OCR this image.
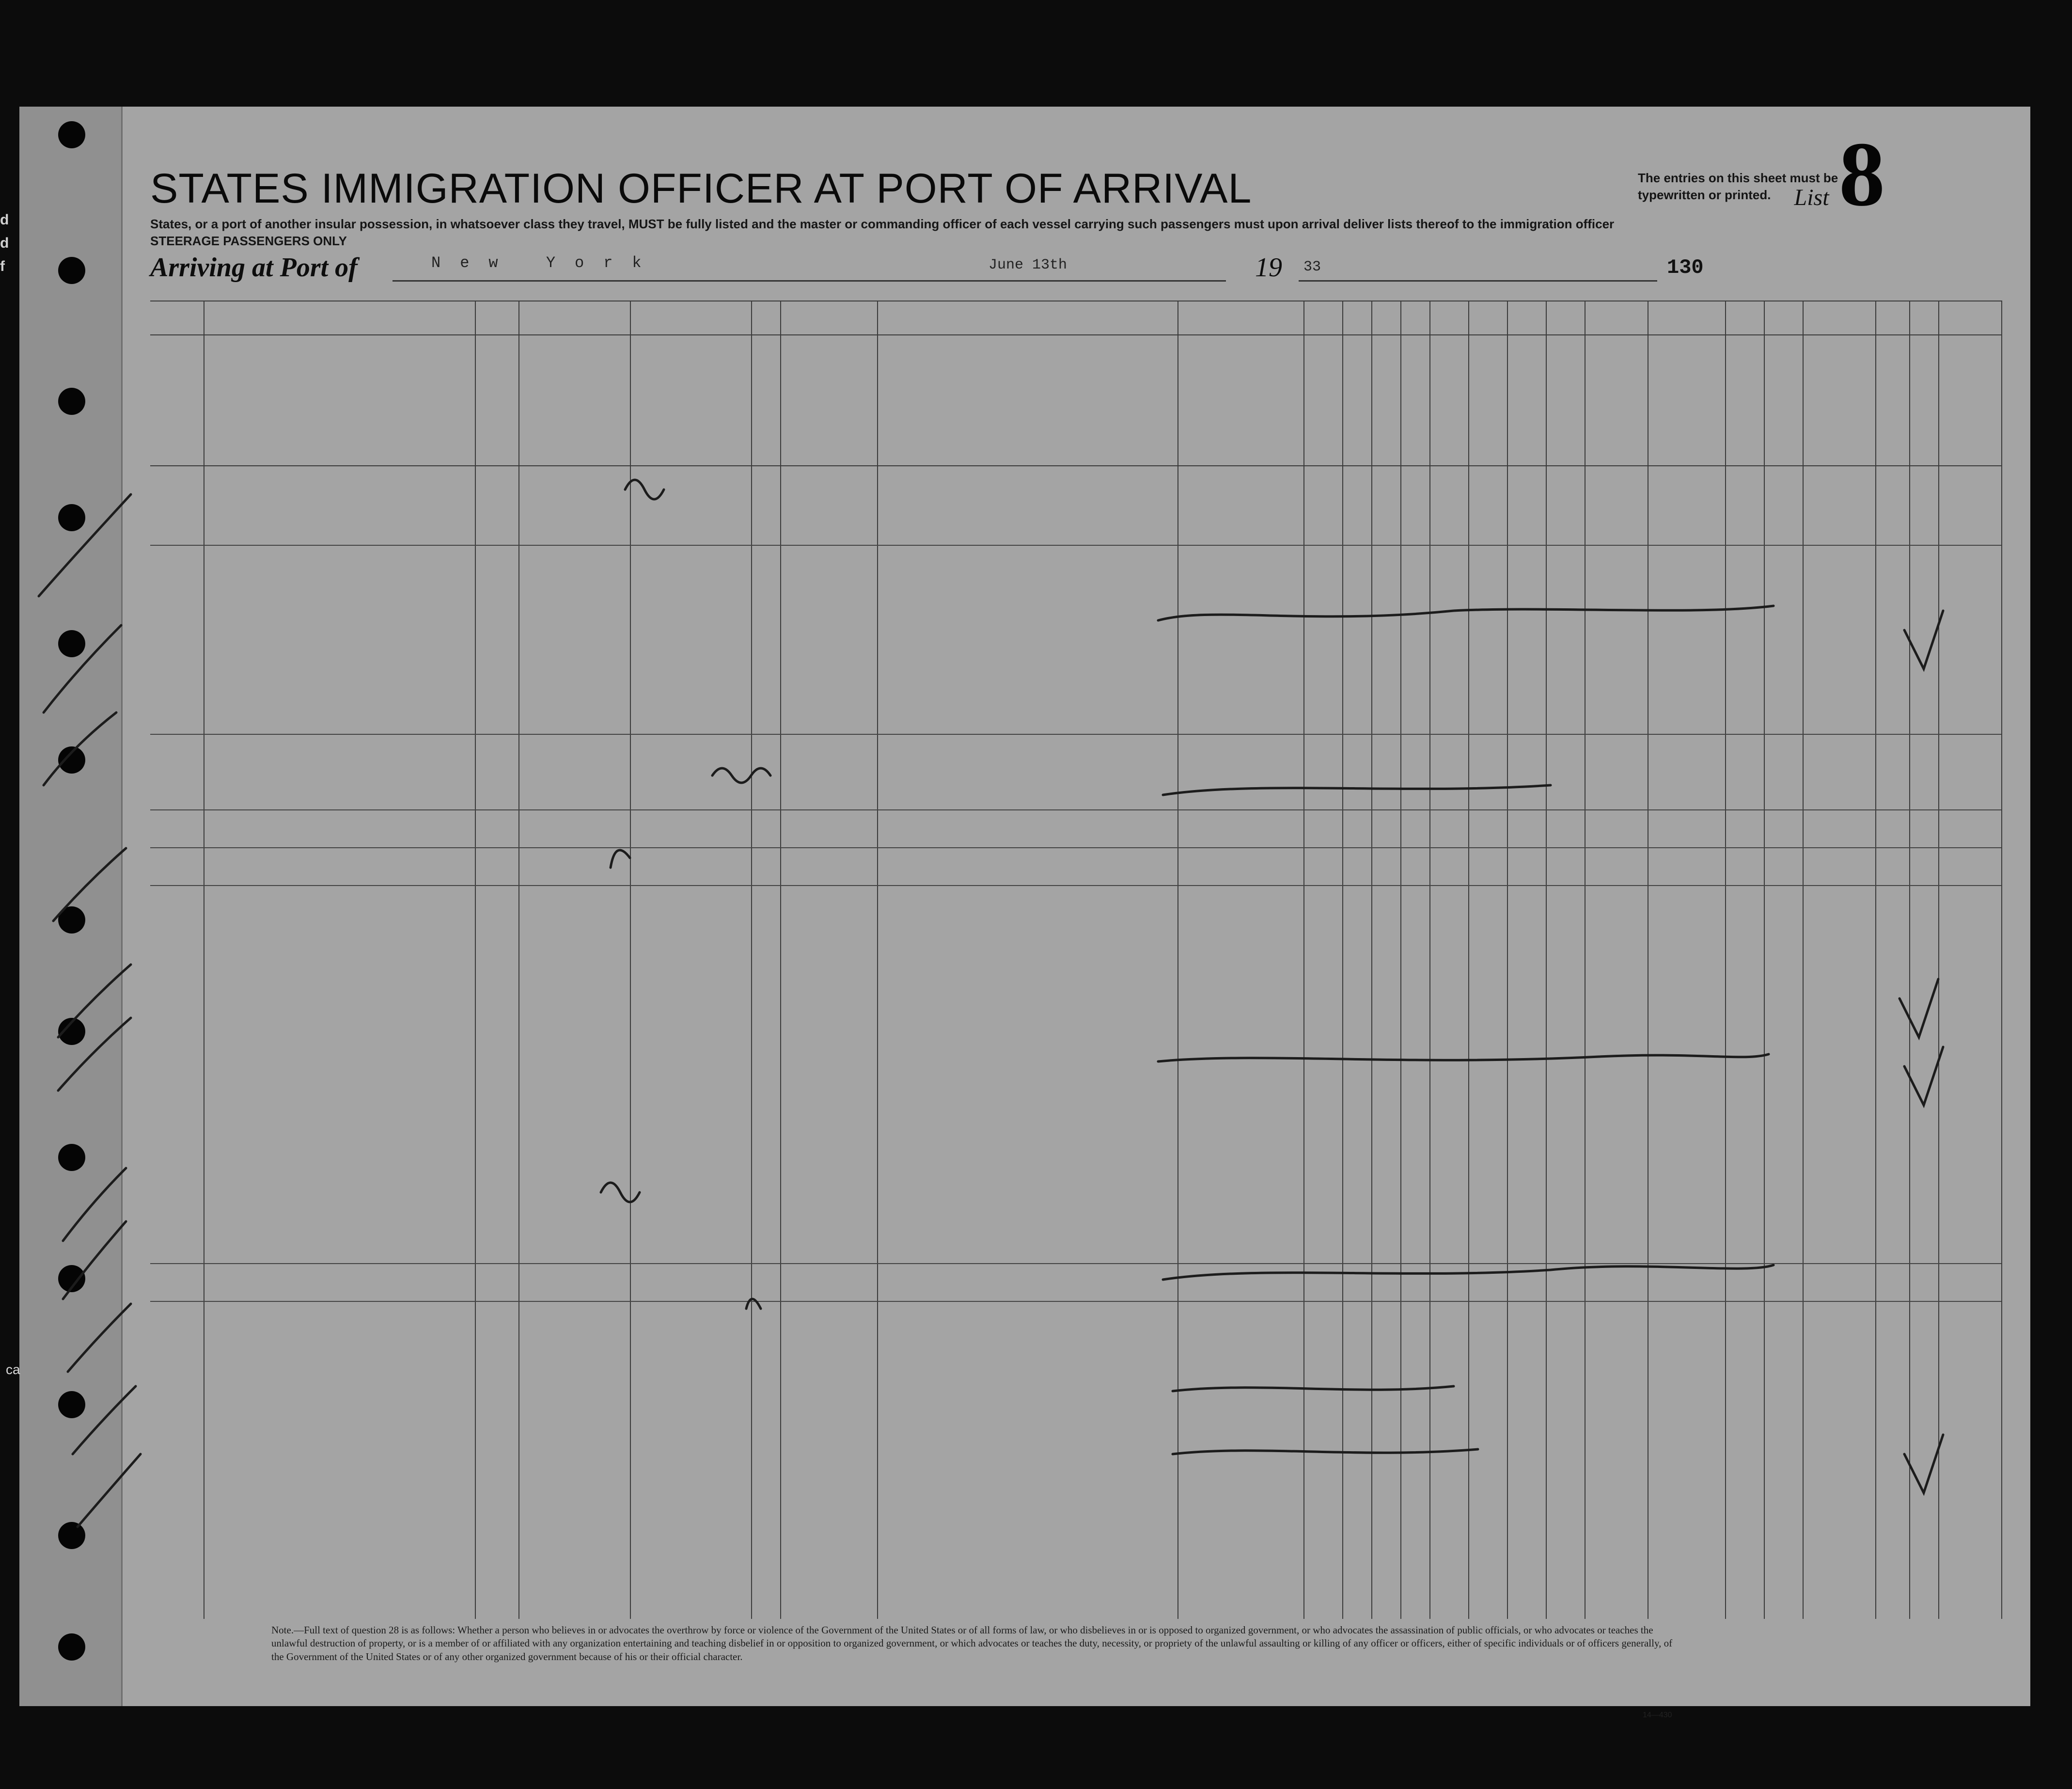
List 8
The entries on this sheet must be typewritten or printed.
STATES IMMIGRATION OFFICER AT PORT OF ARRIVAL
States, or a port of another insular possession, in whatsoever class they travel, MUST be fully listed and the master or commanding officer of each vessel carrying such passengers must upon arrival deliver lists thereof to the immigration officer
STEERAGE PASSENGERS ONLY
Arriving at Port of	New York	June 13th	19 33	130
Note.—Full text of question 28 is as follows: Whether a person who believes in or advocates the overthrow by force or violence of the Government of the United States or of all forms of law, or who disbelieves in or is opposed to organized government, or who advocates the assassination of public officials, or who advocates or teaches the unlawful destruction of property, or is a member of or affiliated with any organization entertaining and teaching disbelief in or opposition to organized government, or which advocates or teaches the duty, necessity, or propriety of the unlawful assaulting or killing of any officer or officers, either of specific individuals or of officers generally, of the Government of the United States or of any other organized government because of his or their official character.
14—430
d
d
f
ca
